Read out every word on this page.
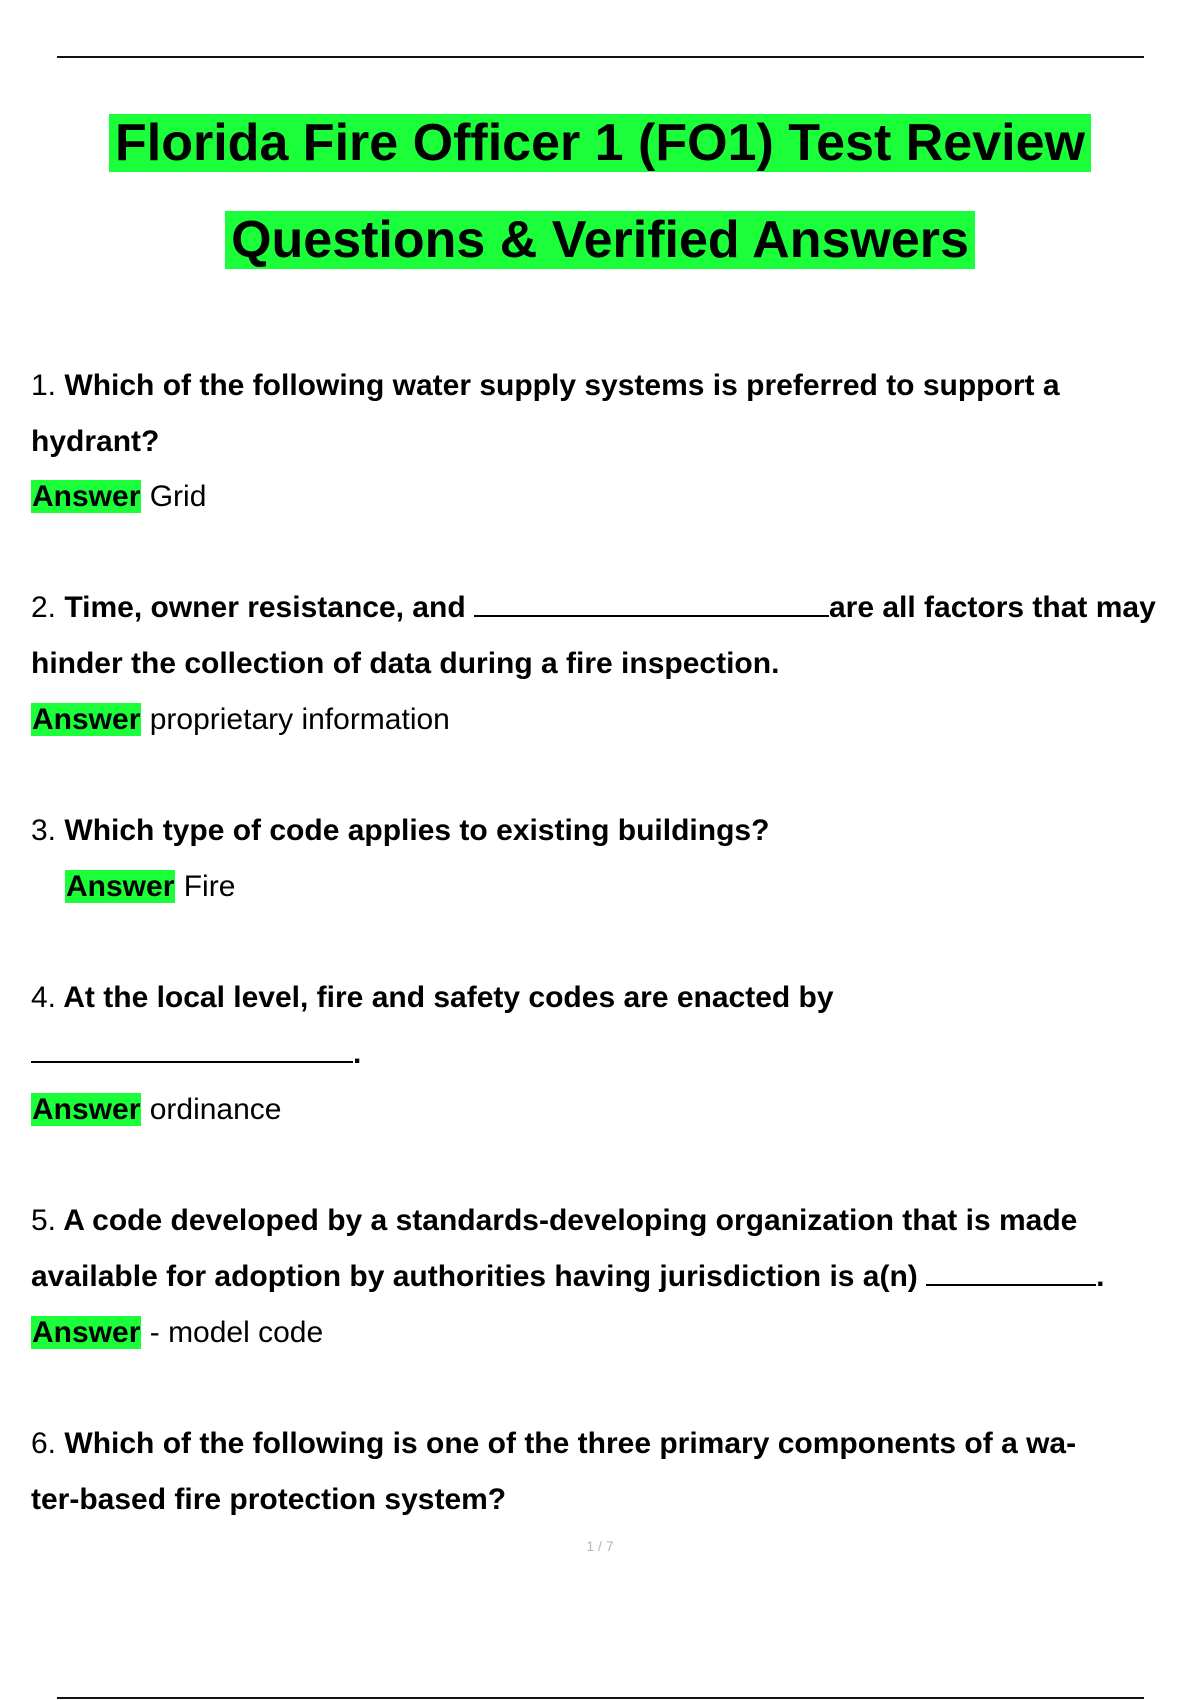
Florida Fire Officer 1 (FO1) Test Review
Questions & Verified Answers
1. Which of the following water supply systems is preferred to support a
hydrant?
Answer Grid
2. Time, owner resistance, and	are all factors that may
hinder the collection of data during a fire inspection.
Answer proprietary information
3. Which type of code applies to existing buildings?
Answer Fire
4. At the local level, fire and safety codes are enacted by
.
Answer ordinance
5. A code developed by a standards-developing organization that is made
available for adoption by authorities having jurisdiction is a(n)	.
Answer - model code
6. Which of the following is one of the three primary components of a wa-
ter-based fire protection system?
1 / 7
